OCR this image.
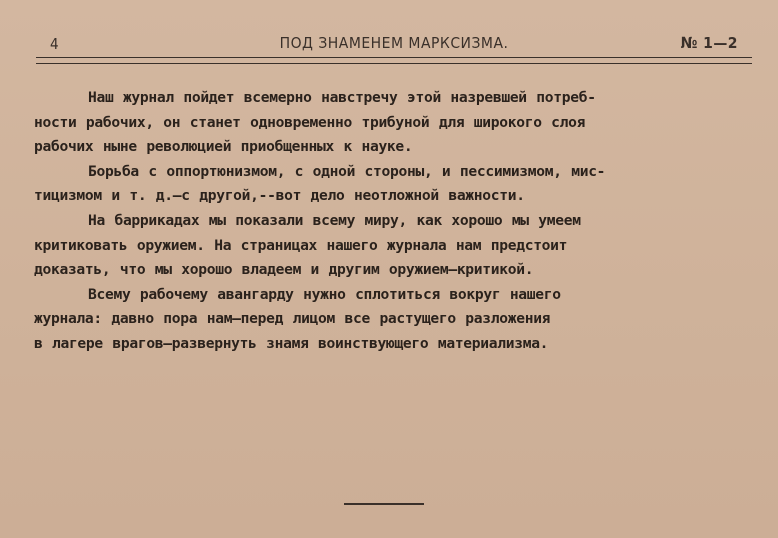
4	ПОД ЗНАМЕНЕМ МАРКСИЗМА.	№ 1—2
Наш журнал пойдет всемерно навстречу этой назревшей потреб-
ности рабочих, он станет одновременно трибуной для широкого слоя
рабочих ныне революцией приобщенных к науке.
Борьба с оппортюнизмом, с одной стороны, и пессимизмом, мис-
тицизмом и т. д.—с другой,--вот дело неотложной важности.
На баррикадах мы показали всему миру, как хорошо мы умеем
критиковать оружием. На страницах нашего журнала нам предстоит
доказать, что мы хорошо владеем и другим оружием—критикой.
Всему рабочему авангарду нужно сплотиться вокруг нашего
журнала: давно пора нам—перед лицом все растущего разложения
в лагере врагов—развернуть знамя воинствующего материализма.
